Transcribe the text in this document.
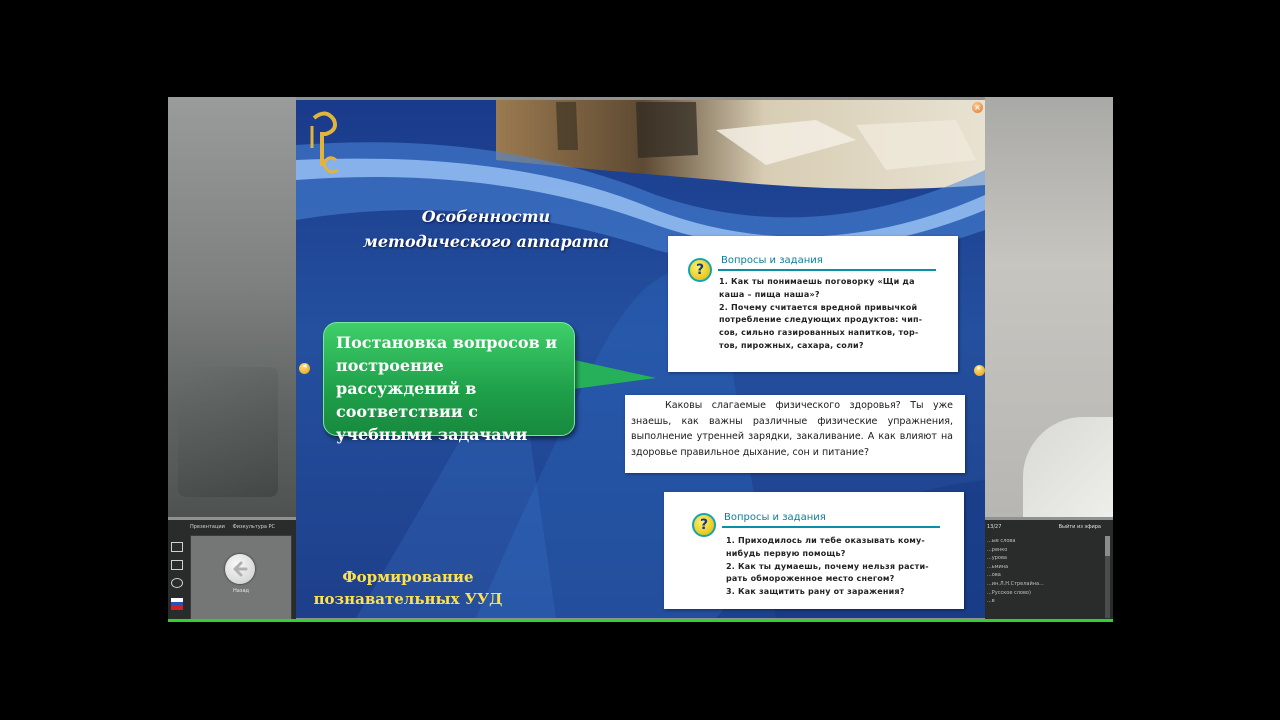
Презентации Физкультура РС
Назад
13/27	Выйти из эфира
...ые слова
...ренко
...урова
...ьмина
...ова
...ин.Л.Н.Стрелайна...
...Русское слово)
...в
×
Особенности методического аппарата
Постановка вопросов и построение рассуждений в соответствии с учебными задачами
Формирование познавательных УУД
?
Вопросы и задания

1. Как ты понимаешь поговорку «Щи да

каша – пища наша»?

2. Почему считается вредной привычкой

потребление следующих продуктов: чип-

сов, сильно газированных напитков, тор-

тов, пирожных, сахара, соли?

Каковы слагаемые физического здоровья? Ты уже знаешь, как важны различные физические упражнения, выполнение утренней зарядки, закаливание. А как влияют на здоровье правильное дыхание, сон и питание?
?	Вопросы и задания

1. Приходилось ли тебе оказывать кому-

нибудь первую помощь?

2. Как ты думаешь, почему нельзя расти-

рать обмороженное место снегом?

3. Как защитить рану от заражения?

◂	▸
